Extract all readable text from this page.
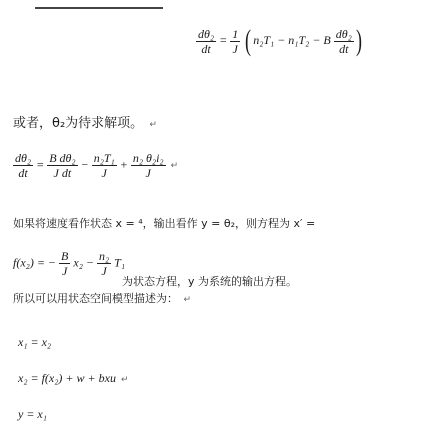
$\frac{\text{dθ₂}}{dt} = \frac{1}{J}$ ( n₂T₁ − n₁T₂ − B $\frac{\text{dθ₂}}{dt}$ )
或者，θ₂为待求解项。 ↵
$\frac{\text{dθ₂}}{dt} = \frac{\text{B dθ₂}}{\text{J dt}} - \frac{\text{n₂T₁}}{J} + \frac{\text{n₂ θ₂i₂}}{J}$ ↵
如果将速度看作状态 x = ⁴，输出看作 y = θ₂，则方程为 x′ =
f(x₂) = − $\frac{B}{J} x_2 - \frac{\text{n₂}}{J} T_1$
为状态方程，y 为系统的输出方程。
所以可以用状态空间模型描述为： ↵
x₁ = x₂
x₂ = f(x₂) + w + bxu ↵
y = x₁
